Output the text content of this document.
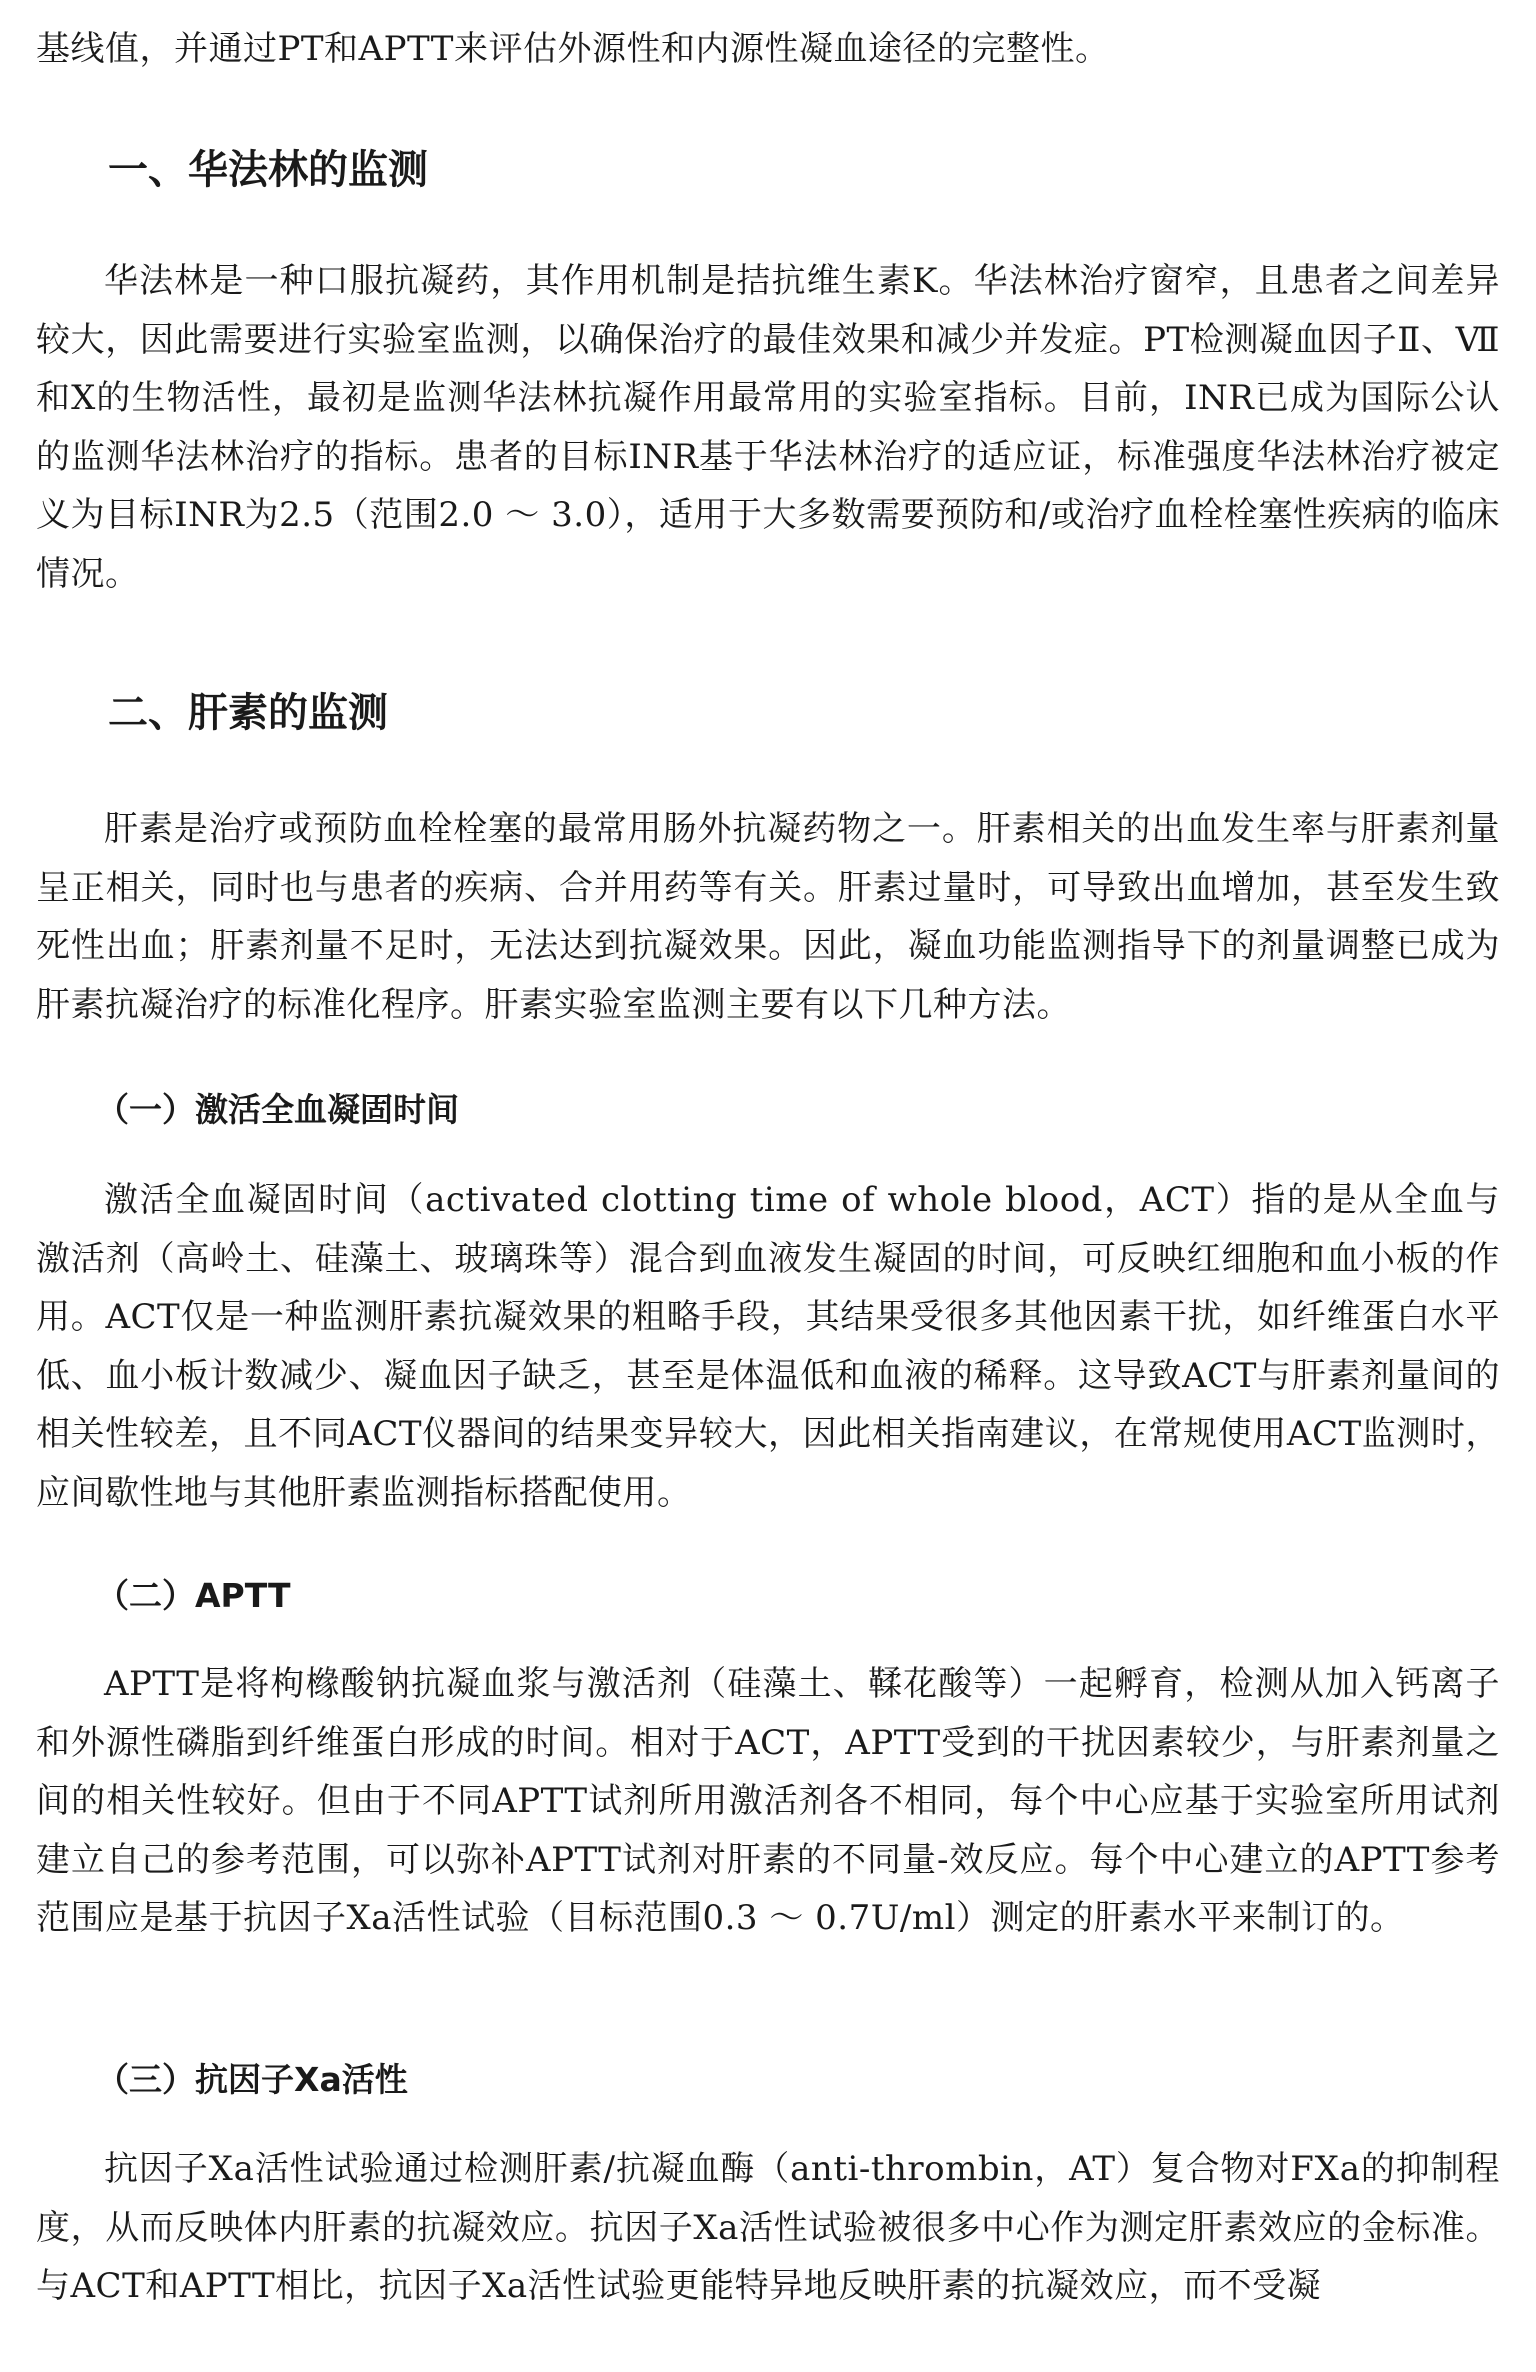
基线值，并通过PT和APTT来评估外源性和内源性凝血途径的完整性。

一、华法林的监测

华法林是一种口服抗凝药，其作用机制是拮抗维生素K。华法林治疗窗窄，且患者之间差异较大，因此需要进行实验室监测，以确保治疗的最佳效果和减少并发症。PT检测凝血因子Ⅱ、Ⅶ和Ⅹ的生物活性，最初是监测华法林抗凝作用最常用的实验室指标。目前，INR已成为国际公认的监测华法林治疗的指标。患者的目标INR基于华法林治疗的适应证，标准强度华法林治疗被定义为目标INR为2.5（范围2.0 ～ 3.0），适用于大多数需要预防和/或治疗血栓栓塞性疾病的临床情况。

二、肝素的监测

肝素是治疗或预防血栓栓塞的最常用肠外抗凝药物之一。肝素相关的出血发生率与肝素剂量呈正相关，同时也与患者的疾病、合并用药等有关。肝素过量时，可导致出血增加，甚至发生致死性出血；肝素剂量不足时，无法达到抗凝效果。因此，凝血功能监测指导下的剂量调整已成为肝素抗凝治疗的标准化程序。肝素实验室监测主要有以下几种方法。

（一）激活全血凝固时间

激活全血凝固时间（activated clotting time of whole blood，ACT）指的是从全血与激活剂（高岭土、硅藻土、玻璃珠等）混合到血液发生凝固的时间，可反映红细胞和血小板的作用。ACT仅是一种监测肝素抗凝效果的粗略手段，其结果受很多其他因素干扰，如纤维蛋白水平低、血小板计数减少、凝血因子缺乏，甚至是体温低和血液的稀释。这导致ACT与肝素剂量间的相关性较差，且不同ACT仪器间的结果变异较大，因此相关指南建议，在常规使用ACT监测时，应间歇性地与其他肝素监测指标搭配使用。

（二）APTT

APTT是将枸橼酸钠抗凝血浆与激活剂（硅藻土、鞣花酸等）一起孵育，检测从加入钙离子和外源性磷脂到纤维蛋白形成的时间。相对于ACT，APTT受到的干扰因素较少，与肝素剂量之间的相关性较好。但由于不同APTT试剂所用激活剂各不相同，每个中心应基于实验室所用试剂建立自己的参考范围，可以弥补APTT试剂对肝素的不同量-效反应。每个中心建立的APTT参考范围应是基于抗因子Ⅹa活性试验（目标范围0.3 ～ 0.7U/ml）测定的肝素水平来制订的。

（三）抗因子Xa活性

抗因子Ⅹa活性试验通过检测肝素/抗凝血酶（anti-thrombin，AT）复合物对FⅩa的抑制程度，从而反映体内肝素的抗凝效应。抗因子Ⅹa活性试验被很多中心作为测定肝素效应的金标准。与ACT和APTT相比，抗因子Ⅹa活性试验更能特异地反映肝素的抗凝效应，而不受凝
